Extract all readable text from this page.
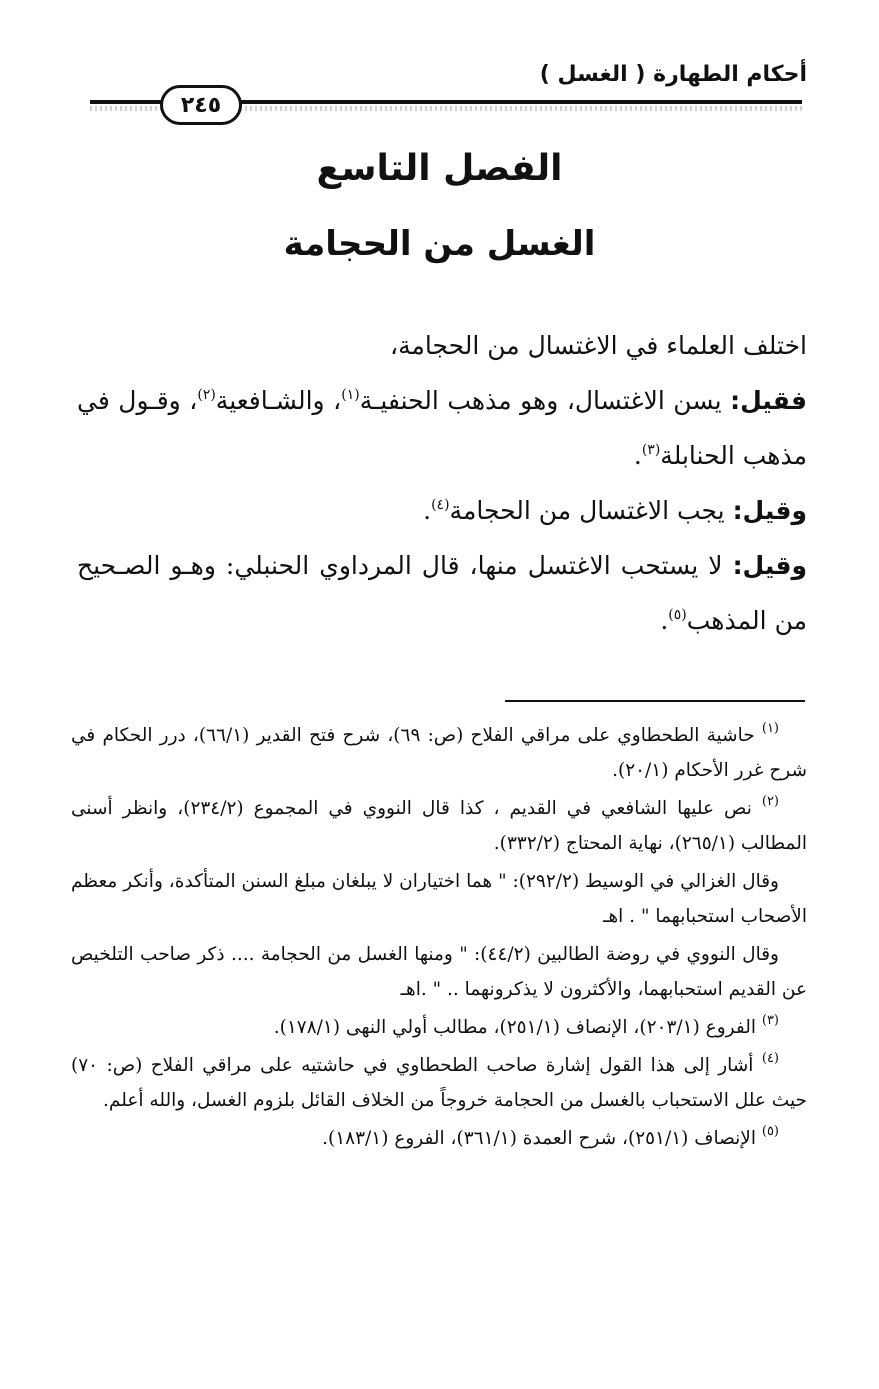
أحكام الطهارة ( الغسل )
٢٤٥
الفصل التاسع
الغسل من الحجامة

اختلف العلماء في الاغتسال من الحجامة،

فقيل: يسن الاغتسال، وهو مذهب الحنفيـة$^{(١)}$، والشـافعية$^{(٢)}$، وقـول في مذهب الحنابلة$^{(٣)}$.

وقيل: يجب الاغتسال من الحجامة$^{(٤)}$.

وقيل: لا يستحب الاغتسل منها، قال المرداوي الحنبلي: وهـو الصـحيح من المذهب$^{(٥)}$.

$^{(١)}$ حاشية الطحطاوي على مراقي الفلاح (ص: ٦٩)، شرح فتح القدير (٦٦/١)، درر الحكام في شرح غرر الأحكام (٢٠/١).

$^{(٢)}$ نص عليها الشافعي في القديم ، كذا قال النووي في المجموع (٢٣٤/٢)، وانظر أسنى المطالب (٢٦٥/١)، نهاية المحتاج (٣٣٢/٢).

وقال الغزالي في الوسيط (٢٩٢/٢): " هما اختياران لا يبلغان مبلغ السنن المتأكدة، وأنكر معظم الأصحاب استحبابهما " . اهـ

وقال النووي في روضة الطالبين (٤٤/٢): " ومنها الغسل من الحجامة .... ذكر صاحب التلخيص عن القديم استحبابهما، والأكثرون لا يذكرونهما .. " .اهـ

$^{(٣)}$ الفروع (٢٠٣/١)، الإنصاف (٢٥١/١)، مطالب أولي النهى (١٧٨/١).

$^{(٤)}$ أشار إلى هذا القول إشارة صاحب الطحطاوي في حاشتيه على مراقي الفلاح (ص: ٧٠) حيث علل الاستحباب بالغسل من الحجامة خروجاً من الخلاف القائل بلزوم الغسل، والله أعلم.

$^{(٥)}$ الإنصاف (٢٥١/١)، شرح العمدة (٣٦١/١)، الفروع (١٨٣/١).
